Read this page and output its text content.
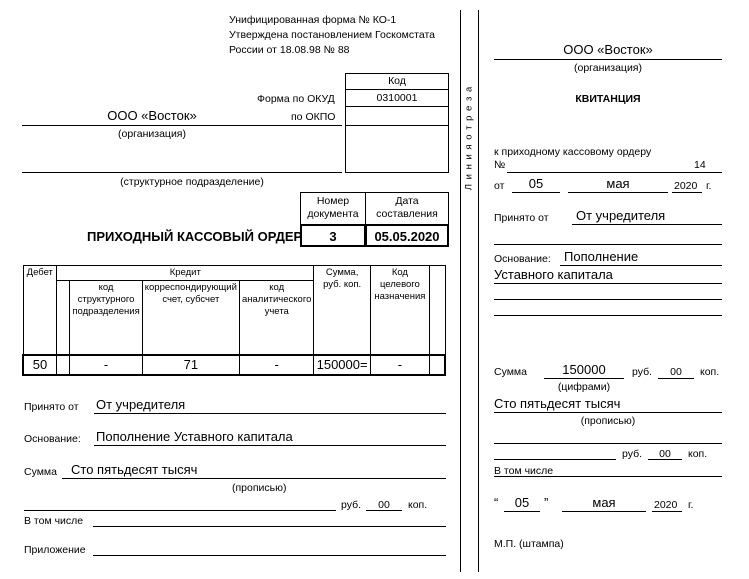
Унифицированная форма № КО-1
Утверждена постановлением Госкомстата
России от 18.08.98 № 88
Код
Форма по ОКУД	0310001
по ОКПО
ООО «Восток»
(организация)
(структурное подразделение)
Номер документа
Дата составления
ПРИХОДНЫЙ КАССОВЫЙ ОРДЕР	3	05.05.2020
Дебет	Кредит				Сумма, руб. коп.	Код целевого назначения	
		код структурного подразделения	корреспондирующий счет, субсчет	код аналитического учета			
50		-	71	-	150000=	-	
Принято от От учредителя
Основание: Пополнение Уставного капитала
Сумма Сто пятьдесят тысяч
(прописью)
руб.	00	коп.
В том числе
Приложение
Л и н и я о т р е з а
ООО «Восток»
(организация)
КВИТАНЦИЯ
к приходному кассовому ордеру
№	14
от	05	мая	2020 г.
Принято от От учредителя
Основание: Пополнение
Уставного капитала
Сумма	150000	руб.	00	коп.
(цифрами)
Сто пятьдесят тысяч
(прописью)
руб.	00	коп.
В том числе
“	05	”	мая	2020 г.
М.П. (штампа)
